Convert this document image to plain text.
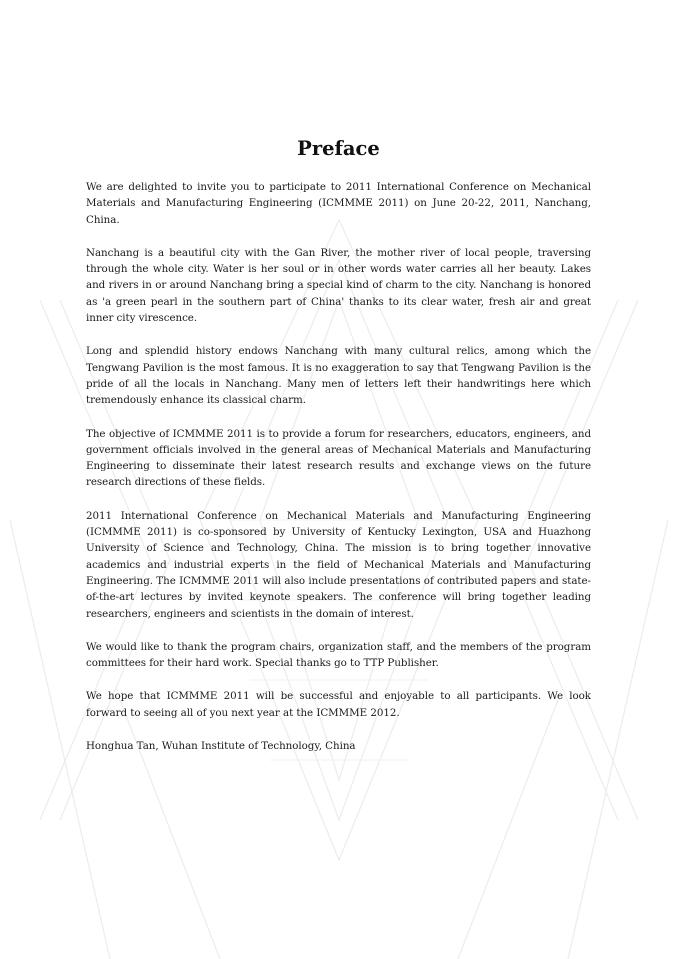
Preface

We are delighted to invite you to participate to 2011 International Conference on Mechanical Materials and Manufacturing Engineering (ICMMME 2011) on June 20-22, 2011, Nanchang, China.

Nanchang is a beautiful city with the Gan River, the mother river of local people, traversing through the whole city. Water is her soul or in other words water carries all her beauty. Lakes and rivers in or around Nanchang bring a special kind of charm to the city. Nanchang is honored as 'a green pearl in the southern part of China' thanks to its clear water, fresh air and great inner city virescence.

Long and splendid history endows Nanchang with many cultural relics, among which the Tengwang Pavilion is the most famous. It is no exaggeration to say that Tengwang Pavilion is the pride of all the locals in Nanchang. Many men of letters left their handwritings here which tremendously enhance its classical charm.

The objective of ICMMME 2011 is to provide a forum for researchers, educators, engineers, and government officials involved in the general areas of Mechanical Materials and Manufacturing Engineering to disseminate their latest research results and exchange views on the future research directions of these fields.

2011 International Conference on Mechanical Materials and Manufacturing Engineering (ICMMME 2011) is co-sponsored by University of Kentucky Lexington, USA and Huazhong University of Science and Technology, China. The mission is to bring together innovative academics and industrial experts in the field of Mechanical Materials and Manufacturing Engineering. The ICMMME 2011 will also include presentations of contributed papers and state-of-the-art lectures by invited keynote speakers. The conference will bring together leading researchers, engineers and scientists in the domain of interest.

We would like to thank the program chairs, organization staff, and the members of the program committees for their hard work. Special thanks go to TTP Publisher.

We hope that ICMMME 2011 will be successful and enjoyable to all participants. We look forward to seeing all of you next year at the ICMMME 2012.

Honghua Tan, Wuhan Institute of Technology, China
